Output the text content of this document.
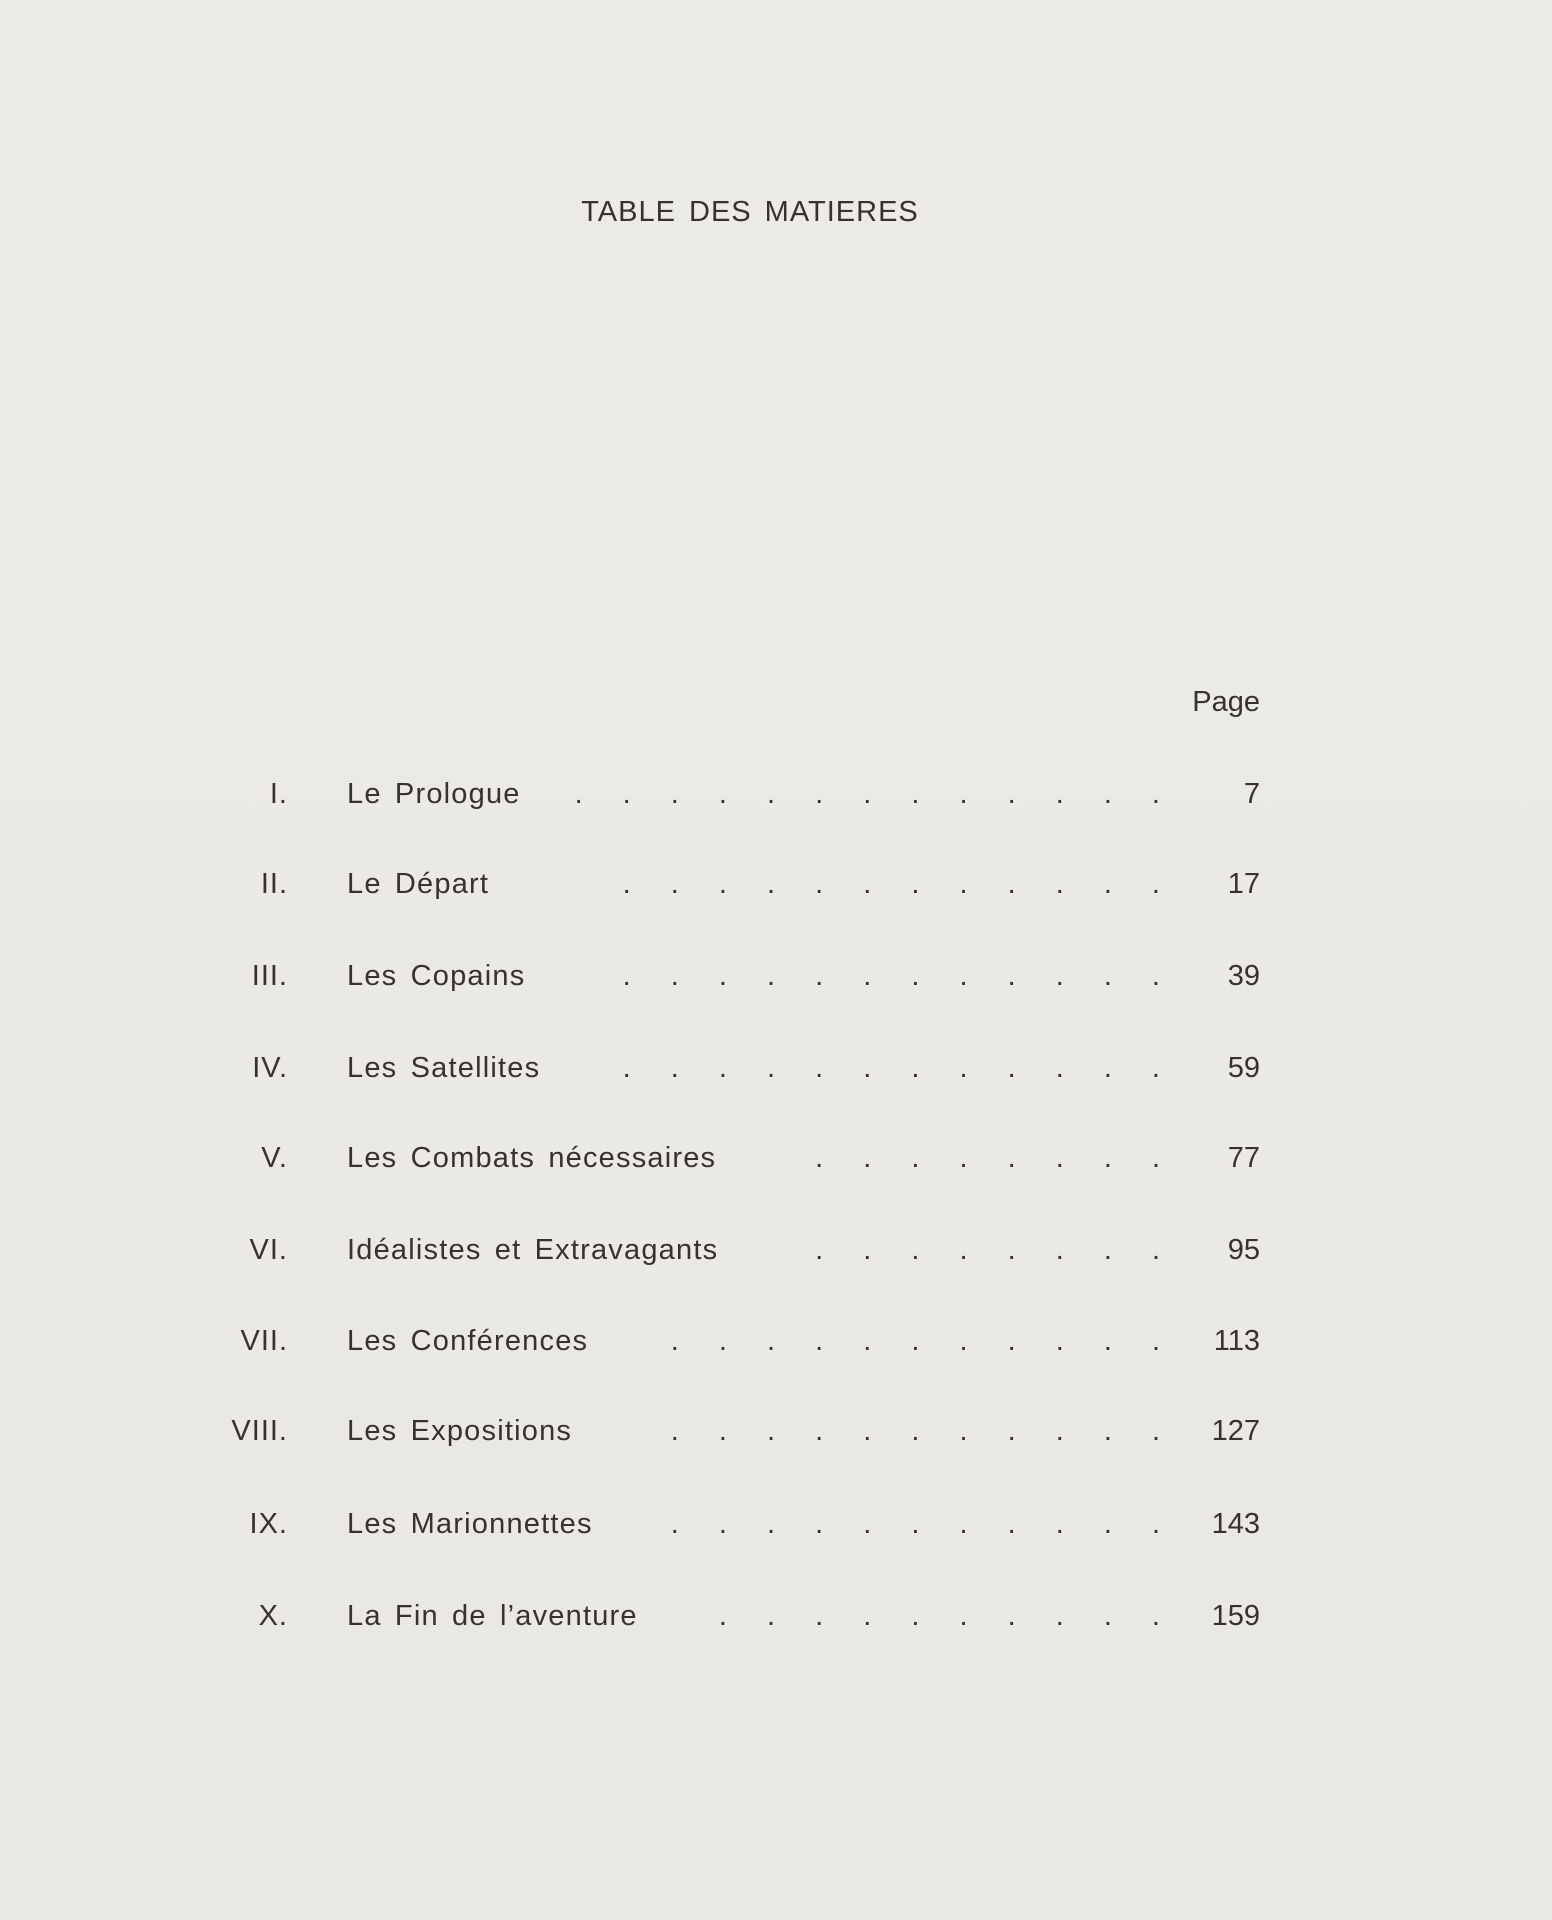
TABLE DES MATIERES
Page
I. Le Prologue . . . . . . . . . . . . .	7
II. Le Départ	. . . . . . . . . . . .	17
III. Les Copains	. . . . . . . . . . . .	39
IV. Les Satellites	. . . . . . . . . . . .	59
V. Les Combats nécessaires	. . . . . . . .	77
VI. Idéalistes et Extravagants	. . . . . . . .	95
VII. Les Conférences	. . . . . . . . . . .	113
VIII. Les Expositions	. . . . . . . . . . .	127
IX. Les Marionnettes	. . . . . . . . . . .	143
X. La Fin de l’aventure	. . . . . . . . . .	159
